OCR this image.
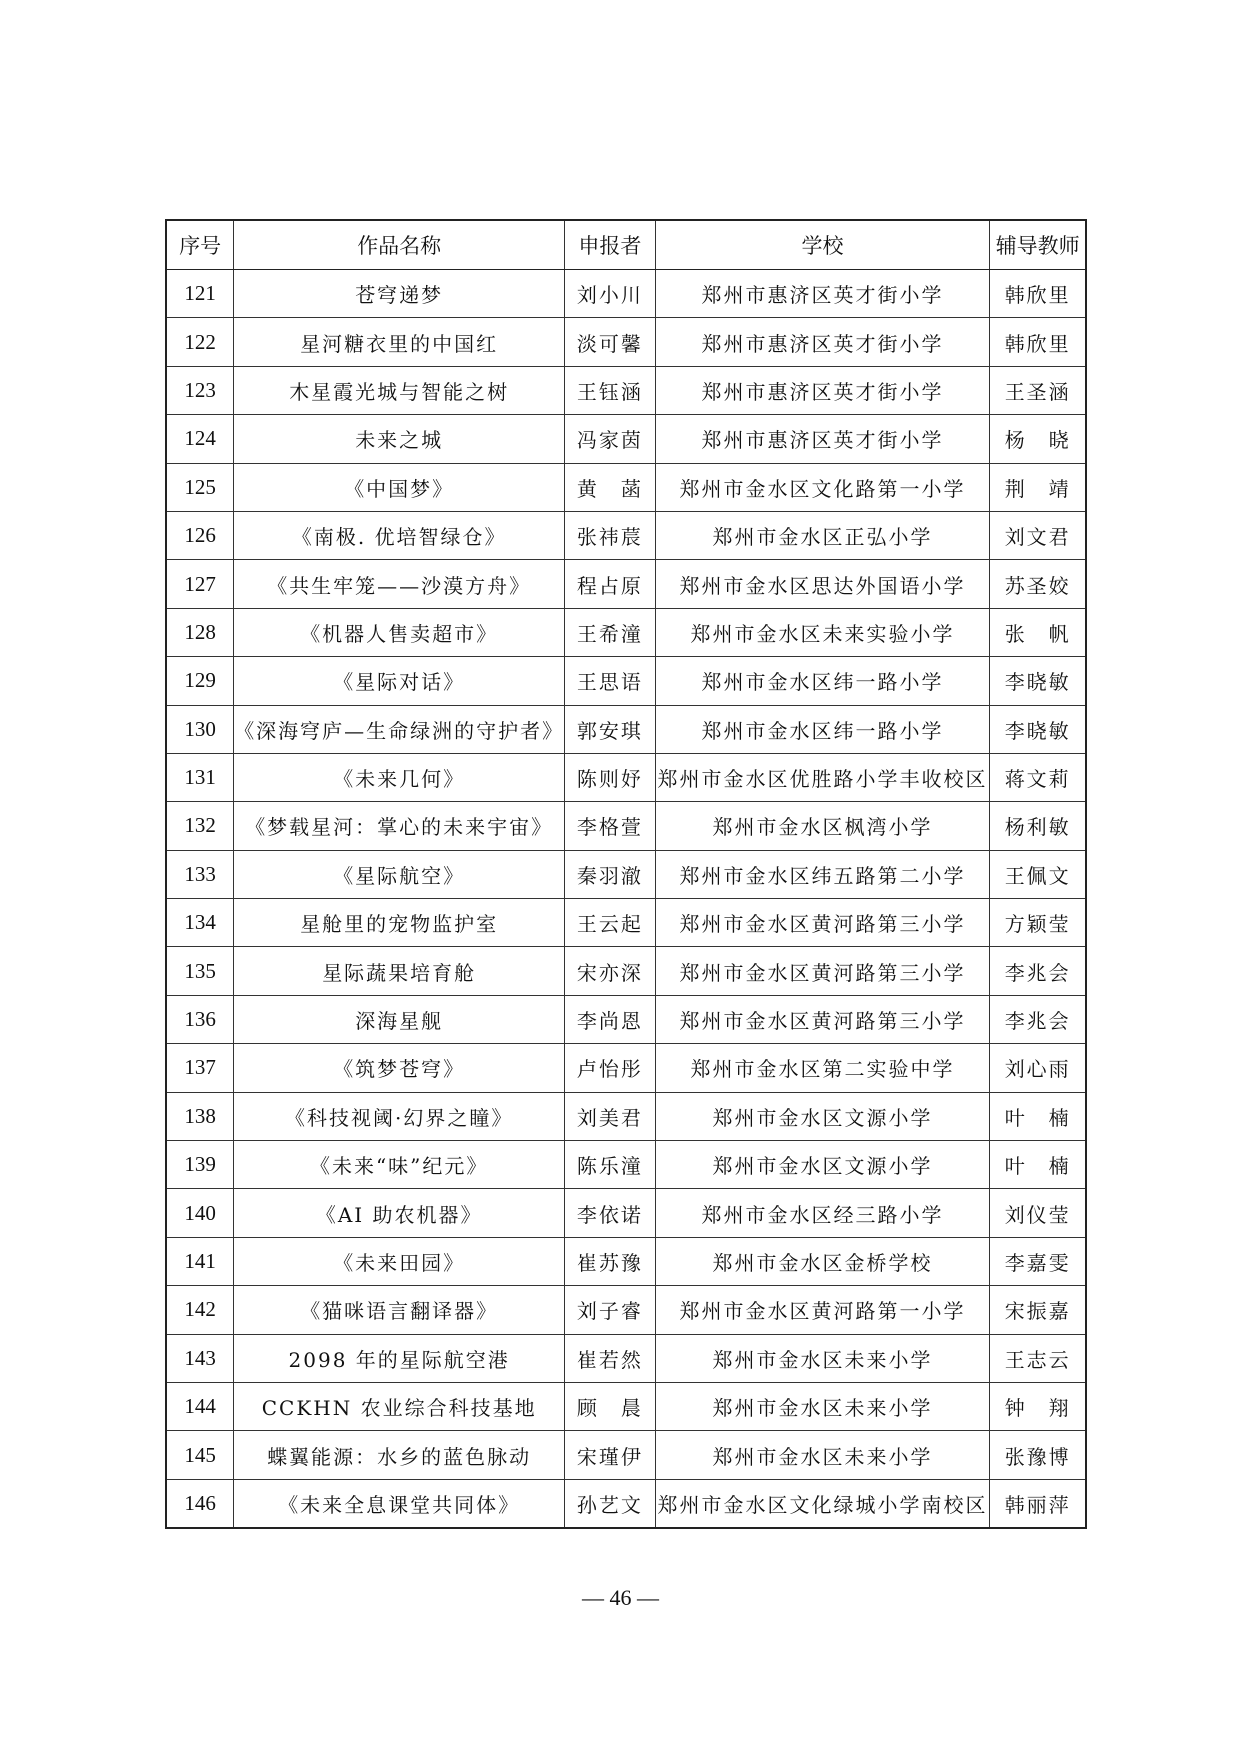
序号	作品名称	申报者	学校	辅导教师
121	苍穹递梦	刘小川	郑州市惠济区英才街小学	韩欣里
122	星河糖衣里的中国红	淡可馨	郑州市惠济区英才街小学	韩欣里
123	木星霞光城与智能之树	王钰涵	郑州市惠济区英才街小学	王圣涵
124	未来之城	冯家茵	郑州市惠济区英才街小学	杨　晓
125	《中国梦》	黄　菡	郑州市金水区文化路第一小学	荆　靖
126	《南极. 优培智绿仓》	张祎莀	郑州市金水区正弘小学	刘文君
127	《共生牢笼——沙漠方舟》	程占原	郑州市金水区思达外国语小学	苏圣姣
128	《机器人售卖超市》	王希潼	郑州市金水区未来实验小学	张　帆
129	《星际对话》	王思语	郑州市金水区纬一路小学	李晓敏
130	《深海穹庐—生命绿洲的守护者》	郭安琪	郑州市金水区纬一路小学	李晓敏
131	《未来几何》	陈则妤	郑州市金水区优胜路小学丰收校区	蒋文莉
132	《梦载星河：掌心的未来宇宙》	李格萱	郑州市金水区枫湾小学	杨利敏
133	《星际航空》	秦羽澈	郑州市金水区纬五路第二小学	王佩文
134	星舱里的宠物监护室	王云起	郑州市金水区黄河路第三小学	方颖莹
135	星际蔬果培育舱	宋亦深	郑州市金水区黄河路第三小学	李兆会
136	深海星舰	李尚恩	郑州市金水区黄河路第三小学	李兆会
137	《筑梦苍穹》	卢怡彤	郑州市金水区第二实验中学	刘心雨
138	《科技视阈·幻界之瞳》	刘美君	郑州市金水区文源小学	叶　楠
139	《未来“味”纪元》	陈乐潼	郑州市金水区文源小学	叶　楠
140	《AI 助农机器》	李依诺	郑州市金水区经三路小学	刘仪莹
141	《未来田园》	崔苏豫	郑州市金水区金桥学校	李嘉雯
142	《猫咪语言翻译器》	刘子睿	郑州市金水区黄河路第一小学	宋振嘉
143	2098 年的星际航空港	崔若然	郑州市金水区未来小学	王志云
144	CCKHN 农业综合科技基地	顾　晨	郑州市金水区未来小学	钟　翔
145	蝶翼能源：水乡的蓝色脉动	宋瑾伊	郑州市金水区未来小学	张豫博
146	《未来全息课堂共同体》	孙艺文	郑州市金水区文化绿城小学南校区	韩丽萍
— 46 —
